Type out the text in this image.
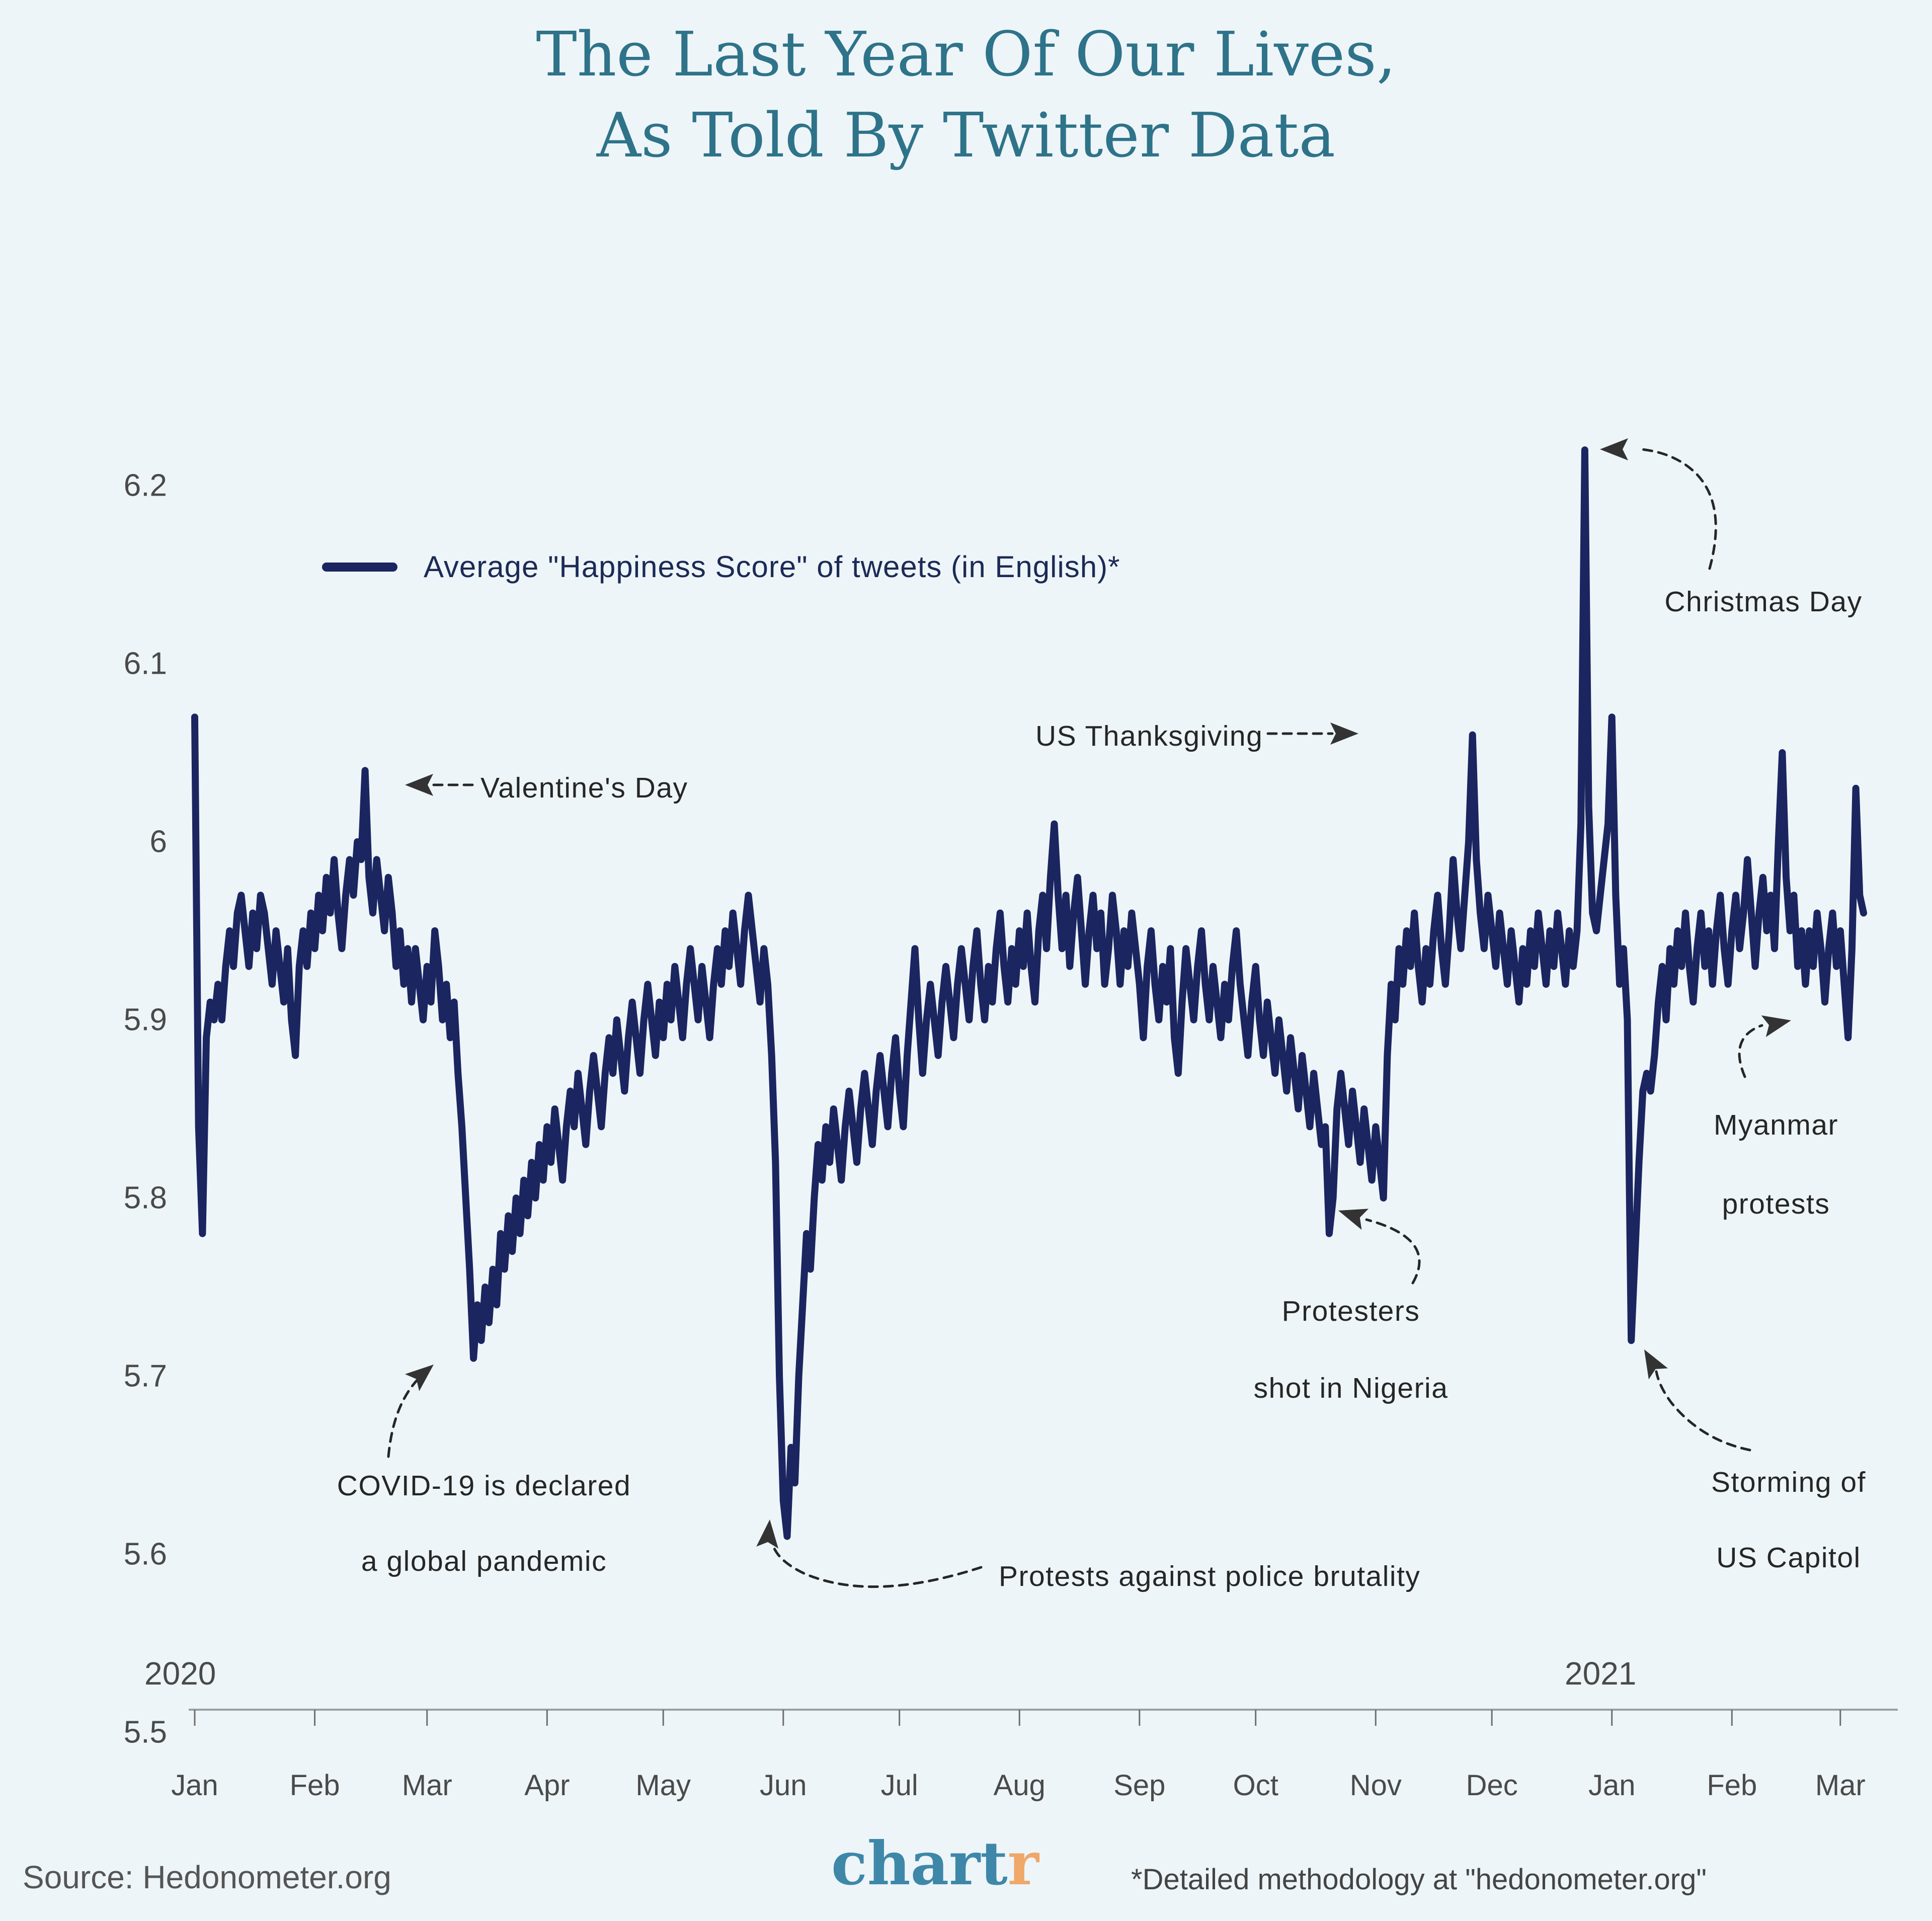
The Last Year Of Our Lives,
As Told By Twitter Data
Average "Happiness Score" of tweets (in English)*
6.2
6.1
6
5.9
5.8
5.7
5.6
5.5
Jan Feb Mar Apr May Jun	Jul	Aug Sep Oct Nov Dec Jan Feb Mar
2020	2021
Valentine's Day
COVID-19 is declared
a global pandemic	Protests against police brutality
US Thanksgiving
Christmas Day
Protesters
shot in Nigeria
Myanmar
protests
Storming of
US Capitol
Source: Hedonometer.org	chartr	*Detailed methodology at "hedonometer.org"
